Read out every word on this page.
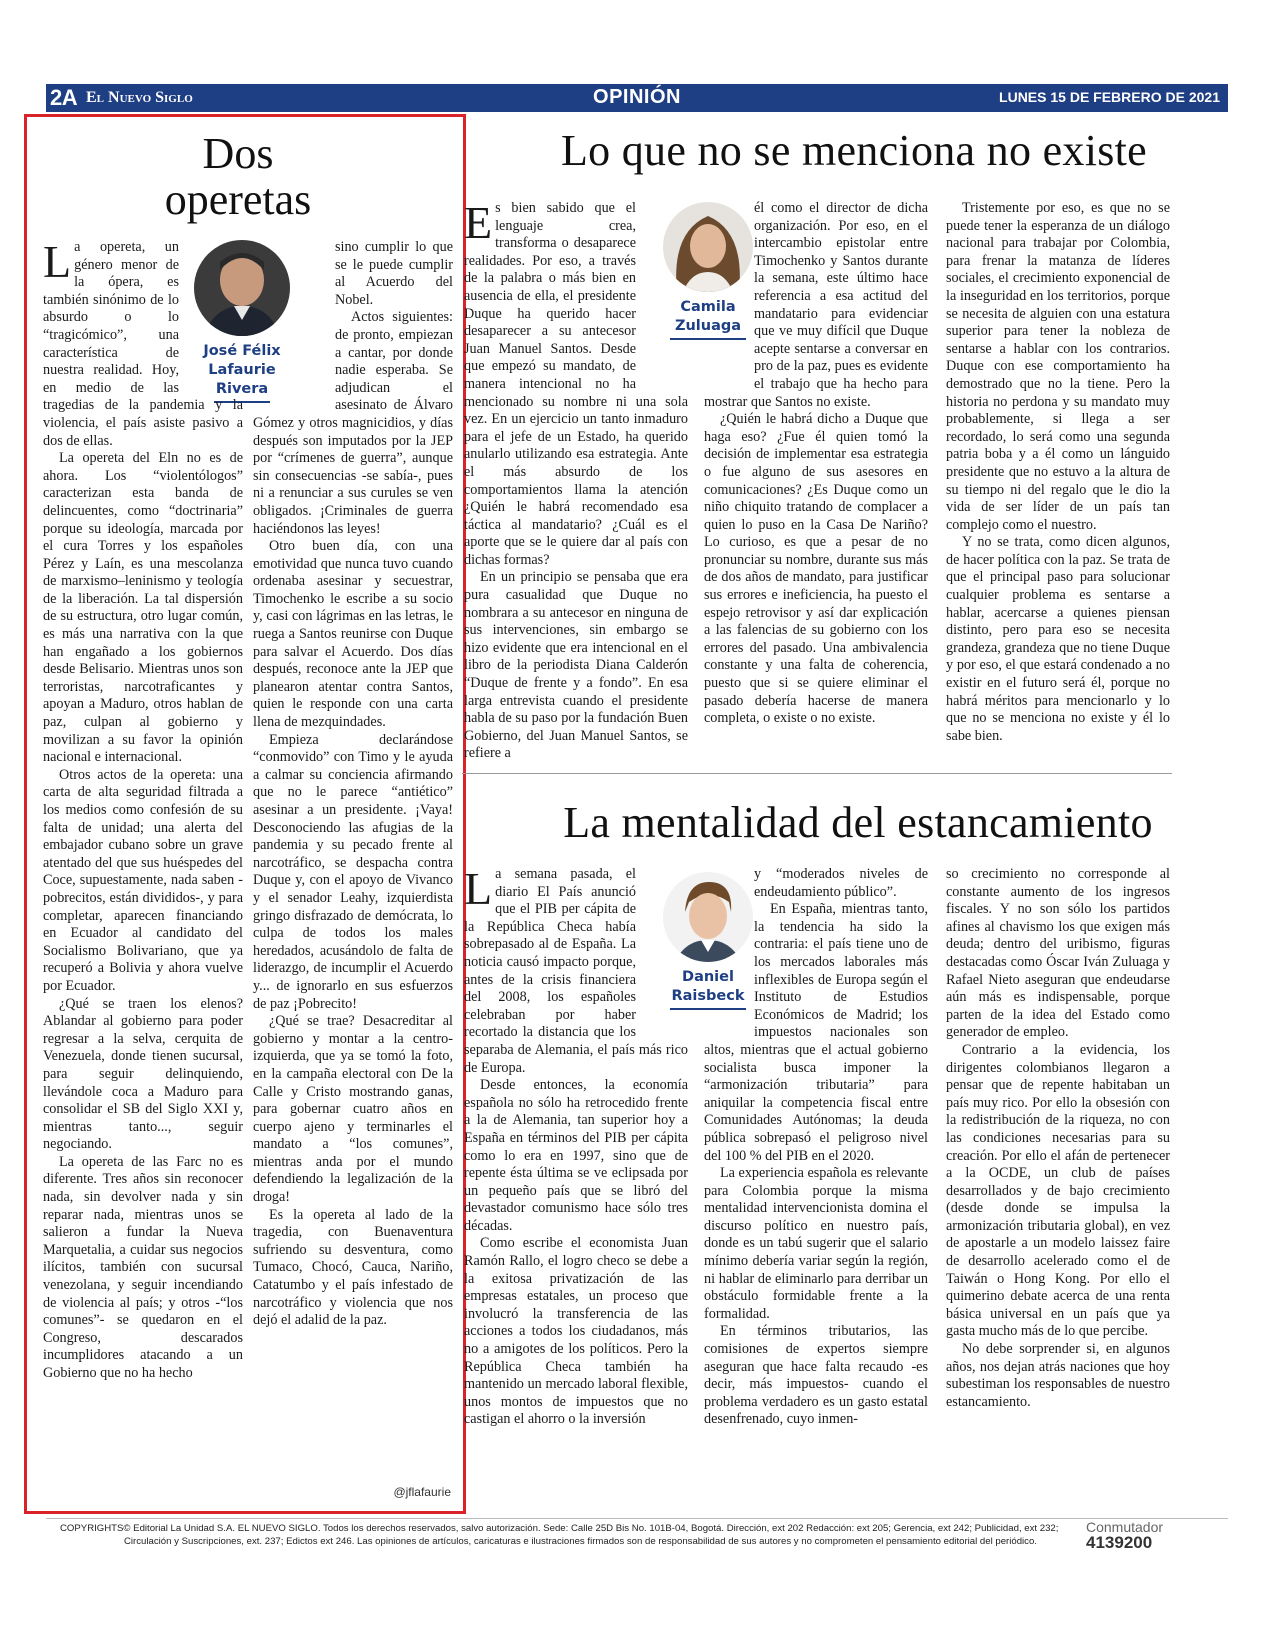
2A El Nuevo Siglo	OPINIÓN	LUNES 15 DE FEBRERO DE 2021
Dos operetas
José Félix Lafaurie Rivera

La opereta, un género menor de la ópera, es también sinónimo de lo absurdo o lo “tragicómico”, una característica de nuestra realidad. Hoy, en medio de las tragedias de la pandemia y la violencia, el país asiste pasivo a dos de ellas.

La opereta del Eln no es de ahora. Los “violentólogos” caracterizan esta banda de delincuentes, como “doctrinaria” porque su ideología, marcada por el cura Torres y los españoles Pérez y Laín, es una mescolanza de marxismo–leninismo y teología de la liberación. La tal dispersión de su estructura, otro lugar común, es más una narrativa con la que han engañado a los gobiernos desde Belisario. Mientras unos son terroristas, narcotraficantes y apoyan a Maduro, otros hablan de paz, culpan al gobierno y movilizan a su favor la opinión nacional e internacional.

Otros actos de la opereta: una carta de alta seguridad filtrada a los medios como confesión de su falta de unidad; una alerta del embajador cubano sobre un grave atentado del que sus huéspedes del Coce, supuestamente, nada saben -pobrecitos, están divididos-, y para completar, aparecen financiando en Ecuador al candidato del Socialismo Bolivariano, que ya recuperó a Bolivia y ahora vuelve por Ecuador.

¿Qué se traen los elenos? Ablandar al gobierno para poder regresar a la selva, cerquita de Venezuela, donde tienen sucursal, para seguir delinquiendo, llevándole coca a Maduro para consolidar el SB del Siglo XXI y, mientras tanto..., seguir negociando.

La opereta de las Farc no es diferente. Tres años sin reconocer nada, sin devolver nada y sin reparar nada, mientras unos se salieron a fundar la Nueva Marquetalia, a cuidar sus negocios ilícitos, también con sucursal venezolana, y seguir incendiando de violencia al país; y otros -“los comunes”- se quedaron en el Congreso, descarados incumplidores atacando a un Gobierno que no ha hecho

sino cumplir lo que se le puede cumplir al Acuerdo del Nobel.

Actos siguientes: de pronto, empiezan a cantar, por donde nadie esperaba. Se adjudican el asesinato de Álvaro Gómez y otros magnicidios, y días después son imputados por la JEP por “crímenes de guerra”, aunque sin consecuencias -se sabía-, pues ni a renunciar a sus curules se ven obligados. ¡Criminales de guerra haciéndonos las leyes!

Otro buen día, con una emotividad que nunca tuvo cuando ordenaba asesinar y secuestrar, Timochenko le escribe a su socio y, casi con lágrimas en las letras, le ruega a Santos reunirse con Duque para salvar el Acuerdo. Dos días después, reconoce ante la JEP que planearon atentar contra Santos, quien le responde con una carta llena de mezquindades.

Empieza declarándose “conmovido” con Timo y le ayuda a calmar su conciencia afirmando que no le parece “antiético” asesinar a un presidente. ¡Vaya! Desconociendo las afugias de la pandemia y su pecado frente al narcotráfico, se despacha contra Duque y, con el apoyo de Vivanco y el senador Leahy, izquierdista gringo disfrazado de demócrata, lo culpa de todos los males heredados, acusándolo de falta de liderazgo, de incumplir el Acuerdo y... de ignorarlo en sus esfuerzos de paz ¡Pobrecito!

¿Qué se trae? Desacreditar al gobierno y montar a la centro-izquierda, que ya se tomó la foto, en la campaña electoral con De la Calle y Cristo mostrando ganas, para gobernar cuatro años en cuerpo ajeno y terminarles el mandato a “los comunes”, mientras anda por el mundo defendiendo la legalización de la droga!

Es la opereta al lado de la tragedia, con Buenaventura sufriendo su desventura, como Tumaco, Chocó, Cauca, Nariño, Catatumbo y el país infestado de narcotráfico y violencia que nos dejó el adalid de la paz.

@jflafaurie
Lo que no se menciona no existe
Camila
Zuluaga

Es bien sabido que el lenguaje crea, transforma o desaparece realidades. Por eso, a través de la palabra o más bien en ausencia de ella, el presidente Duque ha querido hacer desaparecer a su antecesor Juan Manuel Santos. Desde que empezó su mandato, de manera intencional no ha mencionado su nombre ni una sola vez. En un ejercicio un tanto inmaduro para el jefe de un Estado, ha querido anularlo utilizando esa estrategia. Ante el más absurdo de los comportamientos llama la atención ¿Quién le habrá recomendado esa táctica al mandatario? ¿Cuál es el aporte que se le quiere dar al país con dichas formas?

En un principio se pensaba que era pura casualidad que Duque no nombrara a su antecesor en ninguna de sus intervenciones, sin embargo se hizo evidente que era intencional en el libro de la periodista Diana Calderón “Duque de frente y a fondo”. En esa larga entrevista cuando el presidente habla de su paso por la fundación Buen Gobierno, del Juan Manuel Santos, se refiere a

él como el director de dicha organización. Por eso, en el intercambio epistolar entre Timochenko y Santos durante la semana, este último hace referencia a esa actitud del mandatario para evidenciar que ve muy difícil que Duque acepte sentarse a conversar en pro de la paz, pues es evidente el trabajo que ha hecho para mostrar que Santos no existe.

¿Quién le habrá dicho a Duque que haga eso? ¿Fue él quien tomó la decisión de implementar esa estrategia o fue alguno de sus asesores en comunicaciones? ¿Es Duque como un niño chiquito tratando de complacer a quien lo puso en la Casa De Nariño? Lo curioso, es que a pesar de no pronunciar su nombre, durante sus más de dos años de mandato, para justificar sus errores e ineficiencia, ha puesto el espejo retrovisor y así dar explicación a las falencias de su gobierno con los errores del pasado. Una ambivalencia constante y una falta de coherencia, puesto que si se quiere eliminar el pasado debería hacerse de manera completa, o existe o no existe.

Tristemente por eso, es que no se puede tener la esperanza de un diálogo nacional para trabajar por Colombia, para frenar la matanza de líderes sociales, el crecimiento exponencial de la inseguridad en los territorios, porque se necesita de alguien con una estatura superior para tener la nobleza de sentarse a hablar con los contrarios. Duque con ese comportamiento ha demostrado que no la tiene. Pero la historia no perdona y su mandato muy probablemente, si llega a ser recordado, lo será como una segunda patria boba y a él como un lánguido presidente que no estuvo a la altura de su tiempo ni del regalo que le dio la vida de ser líder de un país tan complejo como el nuestro.

Y no se trata, como dicen algunos, de hacer política con la paz. Se trata de que el principal paso para solucionar cualquier problema es sentarse a hablar, acercarse a quienes piensan distinto, pero para eso se necesita grandeza, grandeza que no tiene Duque y por eso, el que estará condenado a no existir en el futuro será él, porque no habrá méritos para mencionarlo y lo que no se menciona no existe y él lo sabe bien.

La mentalidad del estancamiento
Daniel
Raisbeck

La semana pasada, el diario El País anunció que el PIB per cápita de la República Checa había sobrepasado al de España. La noticia causó impacto porque, antes de la crisis financiera del 2008, los españoles celebraban por haber recortado la distancia que los separaba de Alemania, el país más rico de Europa.

Desde entonces, la economía española no sólo ha retrocedido frente a la de Alemania, tan superior hoy a España en términos del PIB per cápita como lo era en 1997, sino que de repente ésta última se ve eclipsada por un pequeño país que se libró del devastador comunismo hace sólo tres décadas.

Como escribe el economista Juan Ramón Rallo, el logro checo se debe a la exitosa privatización de las empresas estatales, un proceso que involucró la transferencia de las acciones a todos los ciudadanos, más no a amigotes de los políticos. Pero la República Checa también ha mantenido un mercado laboral flexible, unos montos de impuestos que no castigan el ahorro o la inversión

y “moderados niveles de endeudamiento público”.

En España, mientras tanto, la tendencia ha sido la contraria: el país tiene uno de los mercados laborales más inflexibles de Europa según el Instituto de Estudios Económicos de Madrid; los impuestos nacionales son altos, mientras que el actual gobierno socialista busca imponer la “armonización tributaria” para aniquilar la competencia fiscal entre Comunidades Autónomas; la deuda pública sobrepasó el peligroso nivel del 100 % del PIB en el 2020.

La experiencia española es relevante para Colombia porque la misma mentalidad intervencionista domina el discurso político en nuestro país, donde es un tabú sugerir que el salario mínimo debería variar según la región, ni hablar de eliminarlo para derribar un obstáculo formidable frente a la formalidad.

En términos tributarios, las comisiones de expertos siempre aseguran que hace falta recaudo -es decir, más impuestos- cuando el problema verdadero es un gasto estatal desenfrenado, cuyo inmen-

so crecimiento no corresponde al constante aumento de los ingresos fiscales. Y no son sólo los partidos afines al chavismo los que exigen más deuda; dentro del uribismo, figuras destacadas como Óscar Iván Zuluaga y Rafael Nieto aseguran que endeudarse aún más es indispensable, porque parten de la idea del Estado como generador de empleo.

Contrario a la evidencia, los dirigentes colombianos llegaron a pensar que de repente habitaban un país muy rico. Por ello la obsesión con la redistribución de la riqueza, no con las condiciones necesarias para su creación. Por ello el afán de pertenecer a la OCDE, un club de países desarrollados y de bajo crecimiento (desde donde se impulsa la armonización tributaria global), en vez de apostarle a un modelo laissez faire de desarrollo acelerado como el de Taiwán o Hong Kong. Por ello el quimerino debate acerca de una renta básica universal en un país que ya gasta mucho más de lo que percibe.

No debe sorprender si, en algunos años, nos dejan atrás naciones que hoy subestiman los responsables de nuestro estancamiento.

COPYRIGHTS© Editorial La Unidad S.A. EL NUEVO SIGLO. Todos los derechos reservados, salvo autorización. Sede: Calle 25D Bis No. 101B-04, Bogotá. Dirección, ext 202 Redacción: ext 205; Gerencia, ext 242; Publicidad, ext 232;
Circulación y Suscripciones, ext. 237; Edictos ext 246. Las opiniones de artículos, caricaturas e ilustraciones firmados son de responsabilidad de sus autores y no comprometen el pensamiento editorial del periódico.
Conmutador
4139200
